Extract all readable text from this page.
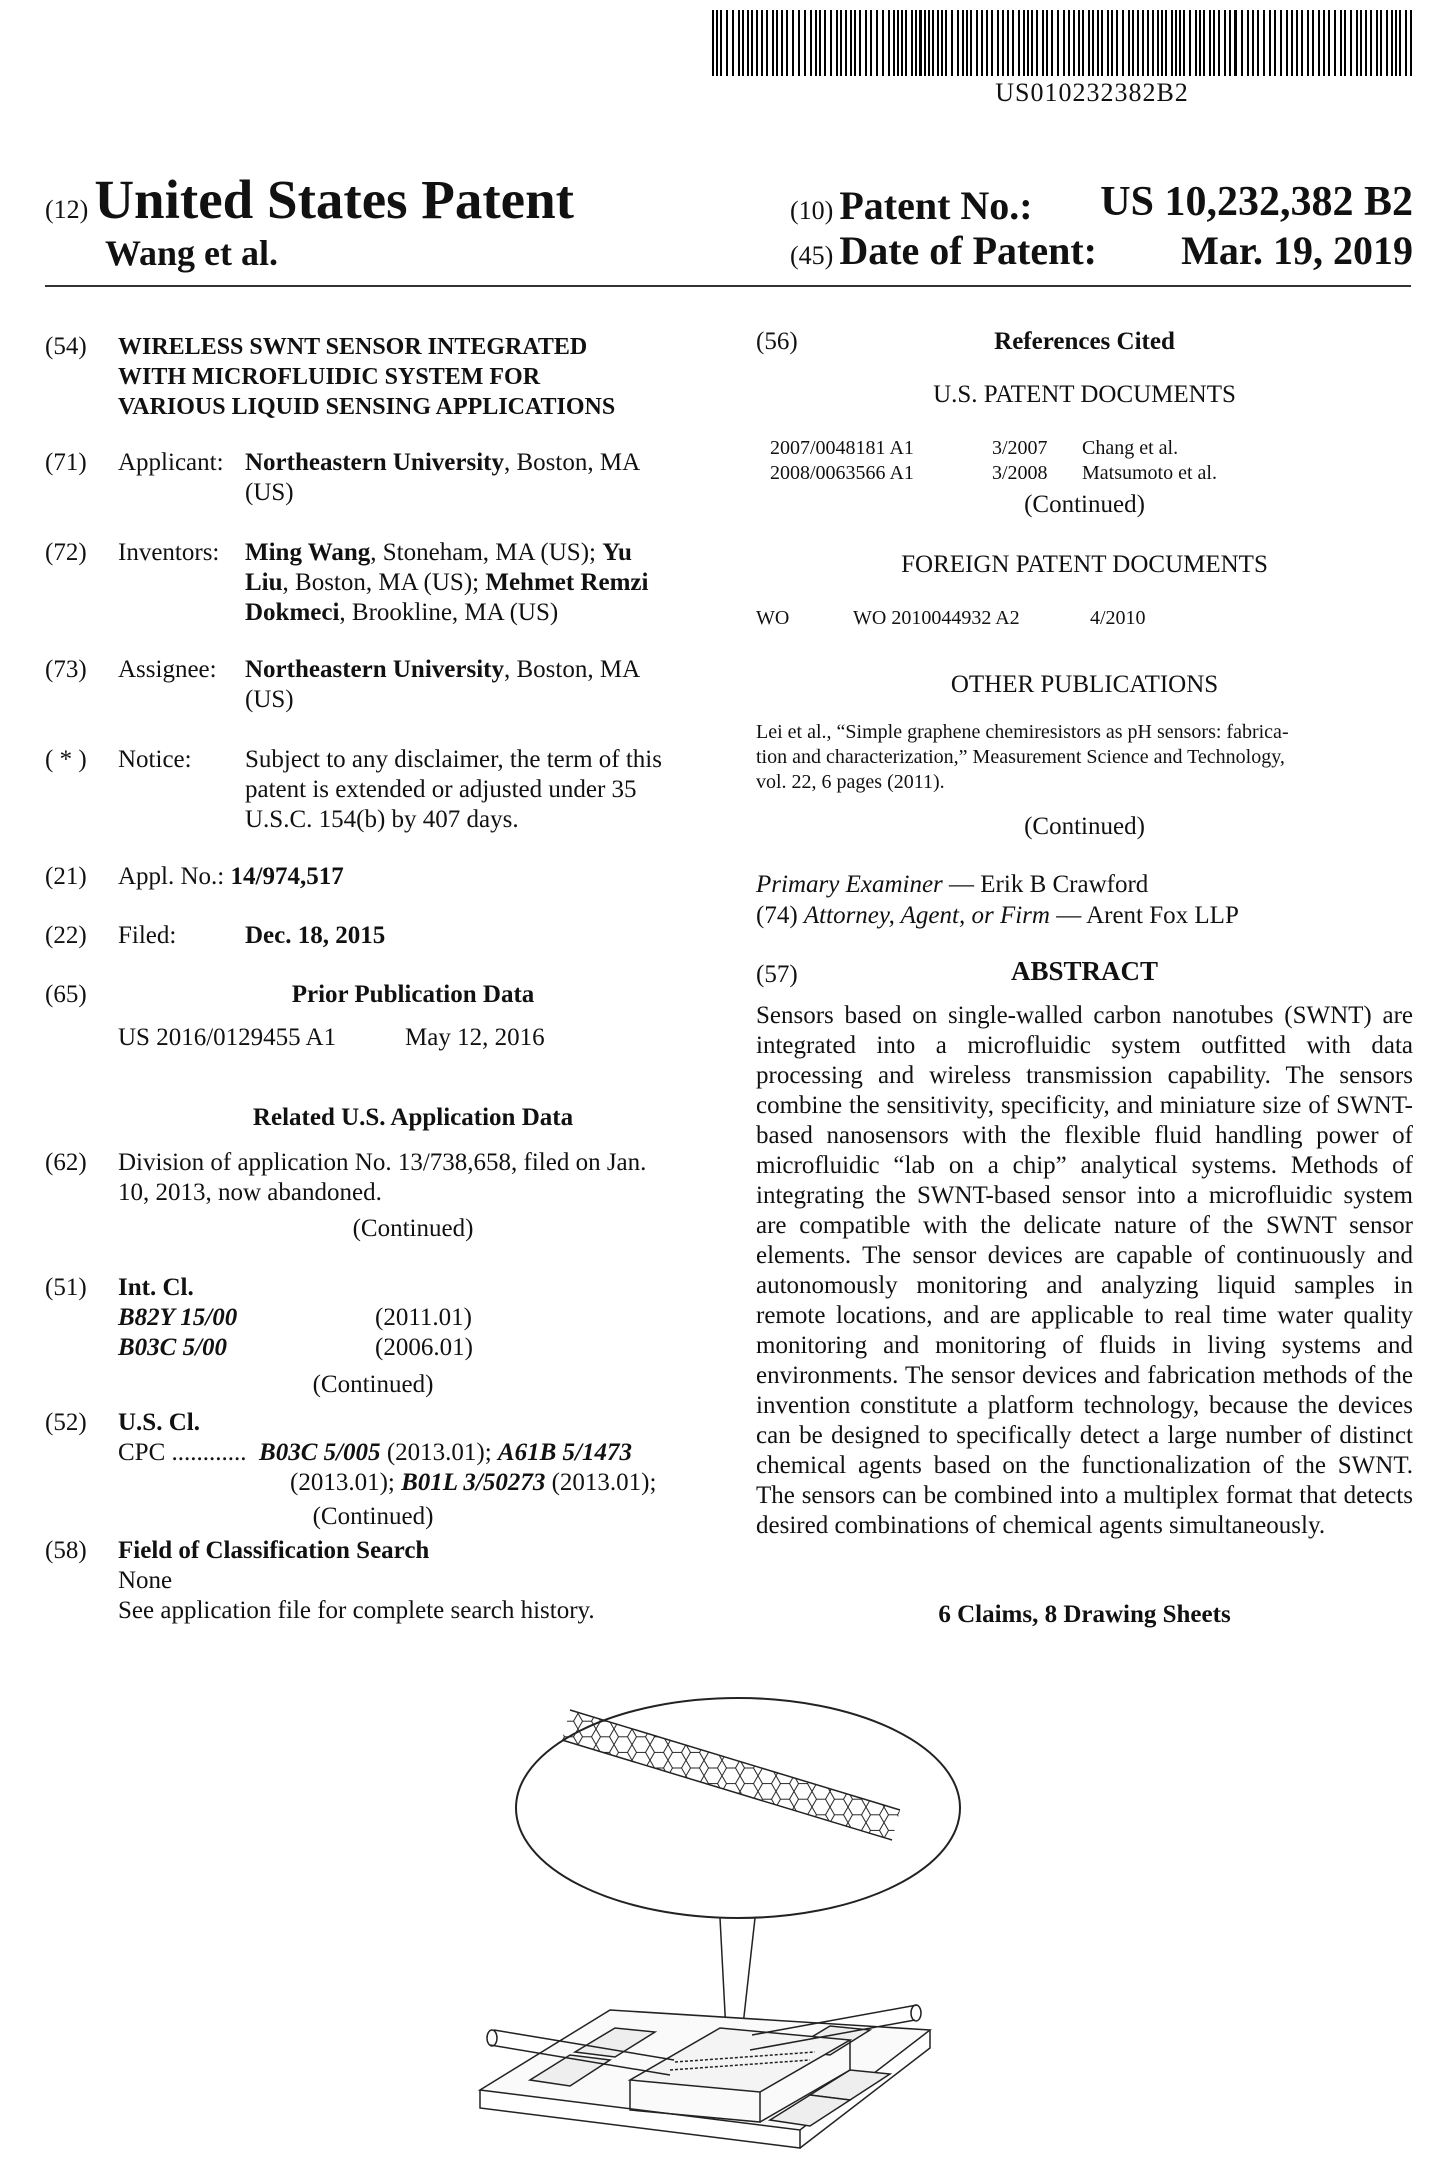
US010232382B2
(12) United States Patent
Wang et al.
(10) Patent No.:	US 10,232,382 B2
(45) Date of Patent:	Mar. 19, 2019
(54) WIRELESS SWNT SENSOR INTEGRATED
WITH MICROFLUIDIC SYSTEM FOR
VARIOUS LIQUID SENSING APPLICATIONS
(71) Applicant: Northeastern University, Boston, MA
(US)
(72) Inventors: Ming Wang, Stoneham, MA (US); Yu
Liu, Boston, MA (US); Mehmet Remzi
Dokmeci, Brookline, MA (US)
(73) Assignee: Northeastern University, Boston, MA
(US)
( * ) Notice: Subject to any disclaimer, the term of this
patent is extended or adjusted under 35
U.S.C. 154(b) by 407 days.
(21) Appl. No.: 14/974,517
(22) Filed:	Dec. 18, 2015
(65)	Prior Publication Data
US 2016/0129455 A1	May 12, 2016
Related U.S. Application Data
(62) Division of application No. 13/738,658, filed on Jan.
10, 2013, now abandoned.
(Continued)
(51) Int. Cl.
B82Y 15/00	(2011.01)
B03C 5/00	(2006.01)
(Continued)
(52) U.S. Cl.
CPC ............ B03C 5/005 (2013.01); A61B 5/1473
(2013.01); B01L 3/50273 (2013.01);
(Continued)
(58) Field of Classification Search
None
See application file for complete search history.
(56)	References Cited
U.S. PATENT DOCUMENTS
2007/0048181 A1	3/2007	Chang et al.
2008/0063566 A1	3/2008	Matsumoto et al.
(Continued)
FOREIGN PATENT DOCUMENTS
WO	WO 2010044932 A2	4/2010
OTHER PUBLICATIONS
Lei et al., “Simple graphene chemiresistors as pH sensors: fabrica-
tion and characterization,” Measurement Science and Technology,
vol. 22, 6 pages (2011).
(Continued)
Primary Examiner — Erik B Crawford
(74) Attorney, Agent, or Firm — Arent Fox LLP
(57)	ABSTRACT
Sensors based on single-walled carbon nanotubes (SWNT) are integrated into a microfluidic system outfitted with data processing and wireless transmission capability. The sensors combine the sensitivity, specificity, and miniature size of SWNT-based nanosensors with the flexible fluid handling power of microfluidic “lab on a chip” analytical systems. Methods of integrating the SWNT-based sensor into a microfluidic system are compatible with the delicate nature of the SWNT sensor elements. The sensor devices are capable of continuously and autonomously monitoring and analyzing liquid samples in remote locations, and are applicable to real time water quality monitoring and monitoring of fluids in living systems and environments. The sensor devices and fabrication methods of the invention constitute a platform technology, because the devices can be designed to specifically detect a large number of distinct chemical agents based on the functionalization of the SWNT. The sensors can be combined into a multiplex format that detects desired combinations of chemical agents simultaneously.
6 Claims, 8 Drawing Sheets
